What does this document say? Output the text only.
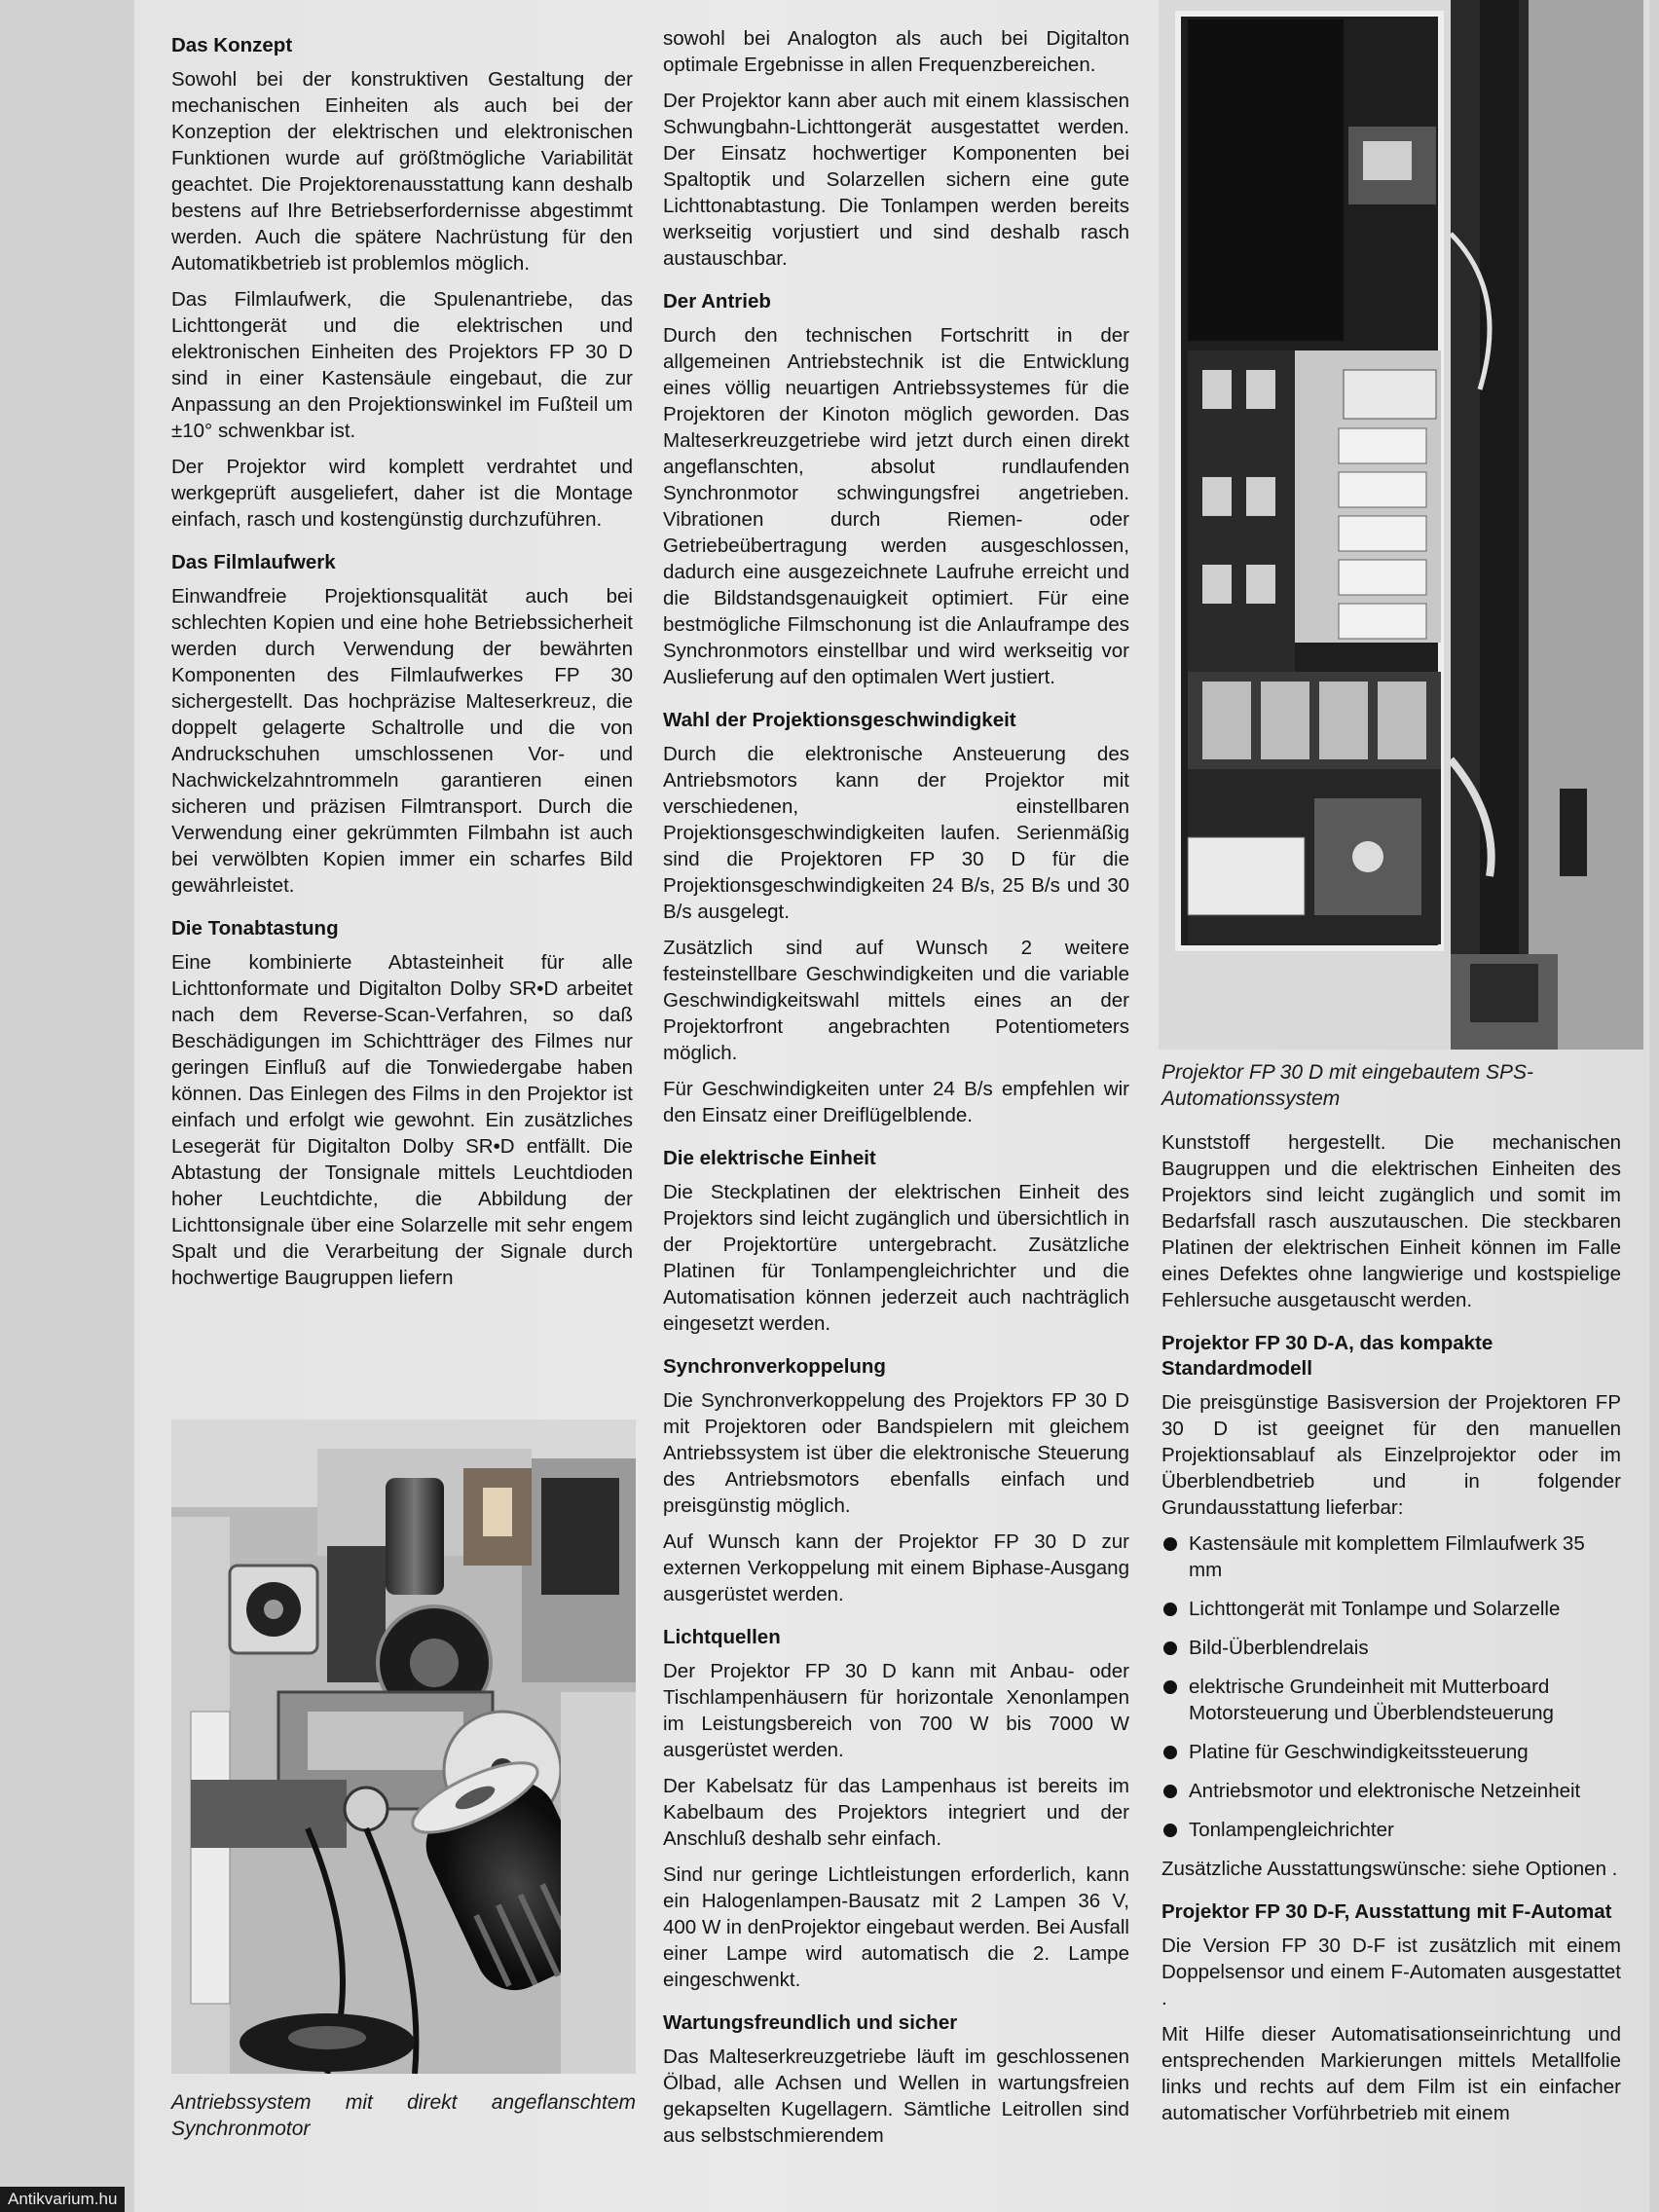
Das Konzept

Sowohl bei der konstruktiven Gestaltung der mechanischen Einheiten als auch bei der Konzeption der elektrischen und elektronischen Funktionen wurde auf größtmögliche Variabilität geachtet. Die Projektorenausstattung kann deshalb bestens auf Ihre Betriebserfordernisse abgestimmt werden. Auch die spätere Nachrüstung für den Automatikbetrieb ist problemlos möglich.

Das Filmlaufwerk, die Spulenantriebe, das Lichttongerät und die elektrischen und elektronischen Einheiten des Projektors FP 30 D sind in einer Kastensäule eingebaut, die zur Anpassung an den Projektionswinkel im Fußteil um ±10° schwenkbar ist.

Der Projektor wird komplett verdrahtet und werkgeprüft ausgeliefert, daher ist die Montage einfach, rasch und kostengünstig durchzuführen.

Das Filmlaufwerk

Einwandfreie Projektionsqualität auch bei schlechten Kopien und eine hohe Betriebssicherheit werden durch Verwendung der bewährten Komponenten des Filmlaufwerkes FP 30 sichergestellt. Das hochpräzise Malteserkreuz, die doppelt gelagerte Schaltrolle und die von Andruckschuhen umschlossenen Vor- und Nachwickelzahntrommeln garantieren einen sicheren und präzisen Filmtransport. Durch die Verwendung einer gekrümmten Filmbahn ist auch bei verwölbten Kopien immer ein scharfes Bild gewährleistet.

Die Tonabtastung

Eine kombinierte Abtasteinheit für alle Lichttonformate und Digitalton Dolby SR•D arbeitet nach dem Reverse-Scan-Verfahren, so daß Beschädigungen im Schichtträger des Filmes nur geringen Einfluß auf die Tonwiedergabe haben können. Das Einlegen des Films in den Projektor ist einfach und erfolgt wie gewohnt. Ein zusätzliches Lesegerät für Digitalton Dolby SR•D entfällt. Die Abtastung der Tonsignale mittels Leuchtdioden hoher Leuchtdichte, die Abbildung der Lichttonsignale über eine Solarzelle mit sehr engem Spalt und die Verarbeitung der Signale durch hochwertige Baugruppen liefern

Antriebssystem mit direkt angeflanschtem Synchronmotor

sowohl bei Analogton als auch bei Digitalton optimale Ergebnisse in allen Frequenzbereichen.

Der Projektor kann aber auch mit einem klassischen Schwungbahn-Lichttongerät ausgestattet werden. Der Einsatz hochwertiger Komponenten bei Spaltoptik und Solarzellen sichern eine gute Lichttonabtastung. Die Tonlampen werden bereits werkseitig vorjustiert und sind deshalb rasch austauschbar.

Der Antrieb

Durch den technischen Fortschritt in der allgemeinen Antriebstechnik ist die Entwicklung eines völlig neuartigen Antriebssystemes für die Projektoren der Kinoton möglich geworden. Das Malteserkreuzgetriebe wird jetzt durch einen direkt angeflanschten, absolut rundlaufenden Synchronmotor schwingungsfrei angetrieben. Vibrationen durch Riemen- oder Getriebeübertragung werden ausgeschlossen, dadurch eine ausgezeichnete Laufruhe erreicht und die Bildstandsgenauigkeit optimiert. Für eine bestmögliche Filmschonung ist die Anlauframpe des Synchronmotors einstellbar und wird werkseitig vor Auslieferung auf den optimalen Wert justiert.

Wahl der Projektionsgeschwindigkeit

Durch die elektronische Ansteuerung des Antriebsmotors kann der Projektor mit verschiedenen, einstellbaren Projektionsgeschwindigkeiten laufen. Serienmäßig sind die Projektoren FP 30 D für die Projektionsgeschwindigkeiten 24 B/s, 25 B/s und 30 B/s ausgelegt.

Zusätzlich sind auf Wunsch 2 weitere festeinstellbare Geschwindigkeiten und die variable Geschwindigkeitswahl mittels eines an der Projektorfront angebrachten Potentiometers möglich.

Für Geschwindigkeiten unter 24 B/s empfehlen wir den Einsatz einer Dreiflügelblende.

Die elektrische Einheit

Die Steckplatinen der elektrischen Einheit des Projektors sind leicht zugänglich und übersichtlich in der Projektortüre untergebracht. Zusätzliche Platinen für Tonlampengleichrichter und die Automatisation können jederzeit auch nachträglich eingesetzt werden.

Synchronverkoppelung

Die Synchronverkoppelung des Projektors FP 30 D mit Projektoren oder Bandspielern mit gleichem Antriebssystem ist über die elektronische Steuerung des Antriebsmotors ebenfalls einfach und preisgünstig möglich.

Auf Wunsch kann der Projektor FP 30 D zur externen Verkoppelung mit einem Biphase-Ausgang ausgerüstet werden.

Lichtquellen

Der Projektor FP 30 D kann mit Anbau- oder Tischlampenhäusern für horizontale Xenonlampen im Leistungsbereich von 700 W bis 7000 W ausgerüstet werden.

Der Kabelsatz für das Lampenhaus ist bereits im Kabelbaum des Projektors integriert und der Anschluß deshalb sehr einfach.

Sind nur geringe Lichtleistungen erforderlich, kann ein Halogenlampen-Bausatz mit 2 Lampen 36 V, 400 W in denProjektor eingebaut werden. Bei Ausfall einer Lampe wird automatisch die 2. Lampe eingeschwenkt.

Wartungsfreundlich und sicher

Das Malteserkreuzgetriebe läuft im geschlossenen Ölbad, alle Achsen und Wellen in wartungsfreien gekapselten Kugellagern. Sämtliche Leitrollen sind aus selbstschmierendem

Projektor FP 30 D mit eingebautem SPS-Automationssystem

Kunststoff hergestellt. Die mechanischen Baugruppen und die elektrischen Einheiten des Projektors sind leicht zugänglich und somit im Bedarfsfall rasch auszutauschen. Die steckbaren Platinen der elektrischen Einheit können im Falle eines Defektes ohne langwierige und kostspielige Fehlersuche ausgetauscht werden.

Projektor FP 30 D-A, das kompakte Standardmodell

Die preisgünstige Basisversion der Projektoren FP 30 D ist geeignet für den manuellen Projektionsablauf als Einzelprojektor oder im Überblendbetrieb und in folgender Grundausstattung lieferbar:

Kastensäule mit komplettem Filmlaufwerk 35 mm
Lichttongerät mit Tonlampe und Solarzelle
Bild-Überblendrelais
elektrische Grundeinheit mit Mutterboard Motorsteuerung und Überblendsteuerung
Platine für Geschwindigkeitssteuerung
Antriebsmotor und elektronische Netzeinheit
Tonlampengleichrichter

Zusätzliche Ausstattungswünsche: siehe Optionen .

Projektor FP 30 D-F, Ausstattung mit F-Automat

Die Version FP 30 D-F ist zusätzlich mit einem Doppelsensor und einem F-Automaten ausgestattet .

Mit Hilfe dieser Automatisationseinrichtung und entsprechenden Markierungen mittels Metallfolie links und rechts auf dem Film ist ein einfacher automatischer Vorführbetrieb mit einem

Antikvarium.hu
